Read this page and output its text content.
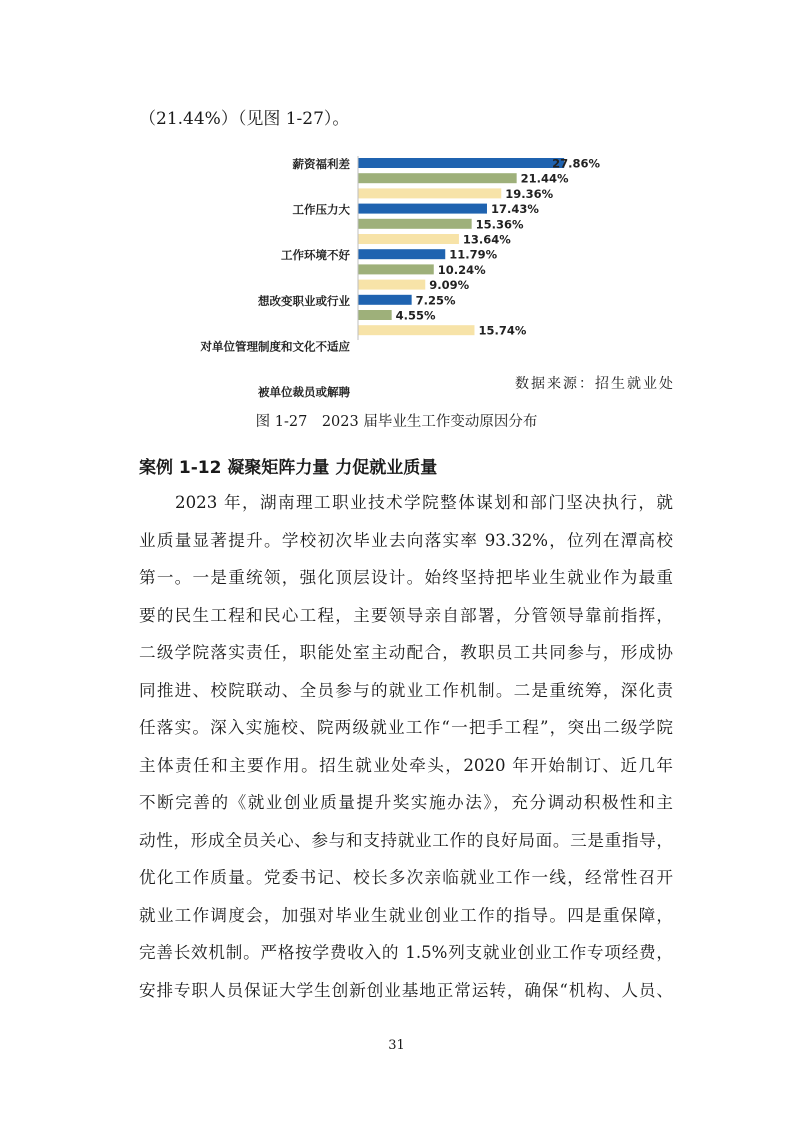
（21.44%）（见图 1-27）。
27.86%
21.44%
19.36%
17.43%
15.36%
13.64%
11.79%
10.24%
9.09%
7.25%
4.55%
15.74%
薪资福利差
工作压力大
工作环境不好
想改变职业或行业
对单位管理制度和文化不适应
被单位裁员或解聘	数据来源：招生就业处
图 1-27　2023 届毕业生工作变动原因分布
案例 1-12 凝聚矩阵力量 力促就业质量
　　2023 年，湖南理工职业技术学院整体谋划和部门坚决执行，就
业质量显著提升。学校初次毕业去向落实率 93.32%，位列在潭高校
第一。一是重统领，强化顶层设计。始终坚持把毕业生就业作为最重
要的民生工程和民心工程，主要领导亲自部署，分管领导靠前指挥，
二级学院落实责任，职能处室主动配合，教职员工共同参与，形成协
同推进、校院联动、全员参与的就业工作机制。二是重统筹，深化责
任落实。深入实施校、院两级就业工作“一把手工程”，突出二级学院
主体责任和主要作用。招生就业处牵头，2020 年开始制订、近几年
不断完善的《就业创业质量提升奖实施办法》，充分调动积极性和主
动性，形成全员关心、参与和支持就业工作的良好局面。三是重指导，
优化工作质量。党委书记、校长多次亲临就业工作一线，经常性召开
就业工作调度会，加强对毕业生就业创业工作的指导。四是重保障，
完善长效机制。严格按学费收入的 1.5%列支就业创业工作专项经费，
安排专职人员保证大学生创新创业基地正常运转，确保“机构、人员、
31
